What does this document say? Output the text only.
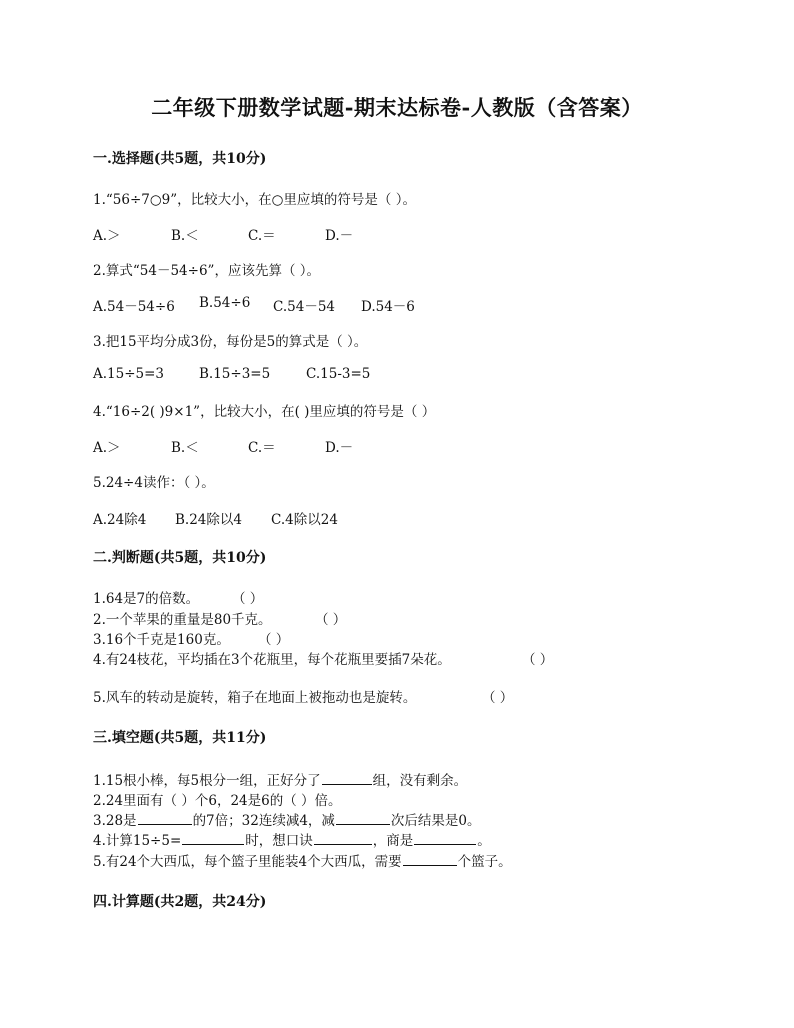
二年级下册数学试题-期末达标卷-人教版（含答案）
一.选择题(共5题，共10分)
1.“56÷7○9”，比较大小，在○里应填的符号是（ ）。
A.＞	B.＜	C.＝	D.－
2.算式“54－54÷6”，应该先算（ ）。
A.54－54÷6 B.54÷6 C.54－54 D.54－6
3.把15平均分成3份，每份是5的算式是（ ）。
A.15÷5=3	B.15÷3=5	C.15-3=5
4.“16÷2( )9×1”，比较大小，在( )里应填的符号是（ ）
A.＞	B.＜	C.＝	D.－
5.24÷4读作：（ ）。
A.24除4 B.24除以4 C.4除以24
二.判断题(共5题，共10分)
1.64是7的倍数。 （ ）
2.一个苹果的重量是80千克。	（ ）
3.16个千克是160克。 （ ）
4.有24枝花，平均插在3个花瓶里，每个花瓶里要插7朵花。	（ ）
5.风车的转动是旋转，箱子在地面上被拖动也是旋转。	（ ）
三.填空题(共5题，共11分)
1.15根小棒，每5根分一组，正好分了	组，没有剩余。
2.24里面有（ ）个6，24是6的（ ）倍。
3.28是	的7倍；32连续减4，减	次后结果是0。
4.计算15÷5=	时，想口诀	，商是	。
5.有24个大西瓜，每个篮子里能装4个大西瓜，需要	个篮子。
四.计算题(共2题，共24分)
